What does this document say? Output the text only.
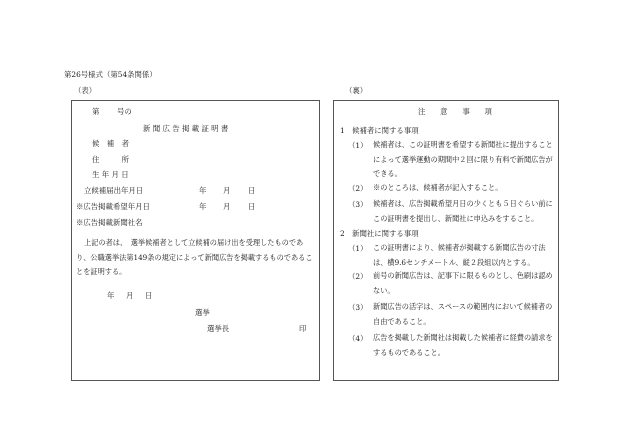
第26号様式（第54条関係）
（表）	（裏）
第 号の
新 聞 広 告 掲 載 証 明 書
候　補　者
住　　　所
生 年 月 日
立候補届出年月日	年 月 日
※広告掲載希望年月日	年 月 日
※広告掲載新聞社名
上記の者は、　選挙候補者として立候補の届け出を受理したものであり、公職選挙法第149条の規定によって新聞広告を掲載するものであることを証明する。
年 月 日
選挙
選挙長	印
注　　意　　事　　項
1　候補者に関する事項
（1） 候補者は、この証明書を希望する新聞社に提出することによって選挙運動の期間中２回に限り有料で新聞広告ができる。
（2） ※のところは、候補者が記入すること。
（3） 候補者は、広告掲載希望月日の少くとも５日ぐらい前にこの証明書を提出し、新聞社に申込みをすること。
2　新聞社に関する事項
（1） この証明書により、候補者が掲載する新聞広告の寸法は、横9.6センチメートル、縦２段組以内とする。
（2） 前号の新聞広告は、記事下に限るものとし、色刷は認めない。
（3） 新聞広告の活字は、スペースの範囲内において候補者の自由であること。
（4） 広告を掲載した新聞社は掲載した候補者に経費の請求をするものであること。
